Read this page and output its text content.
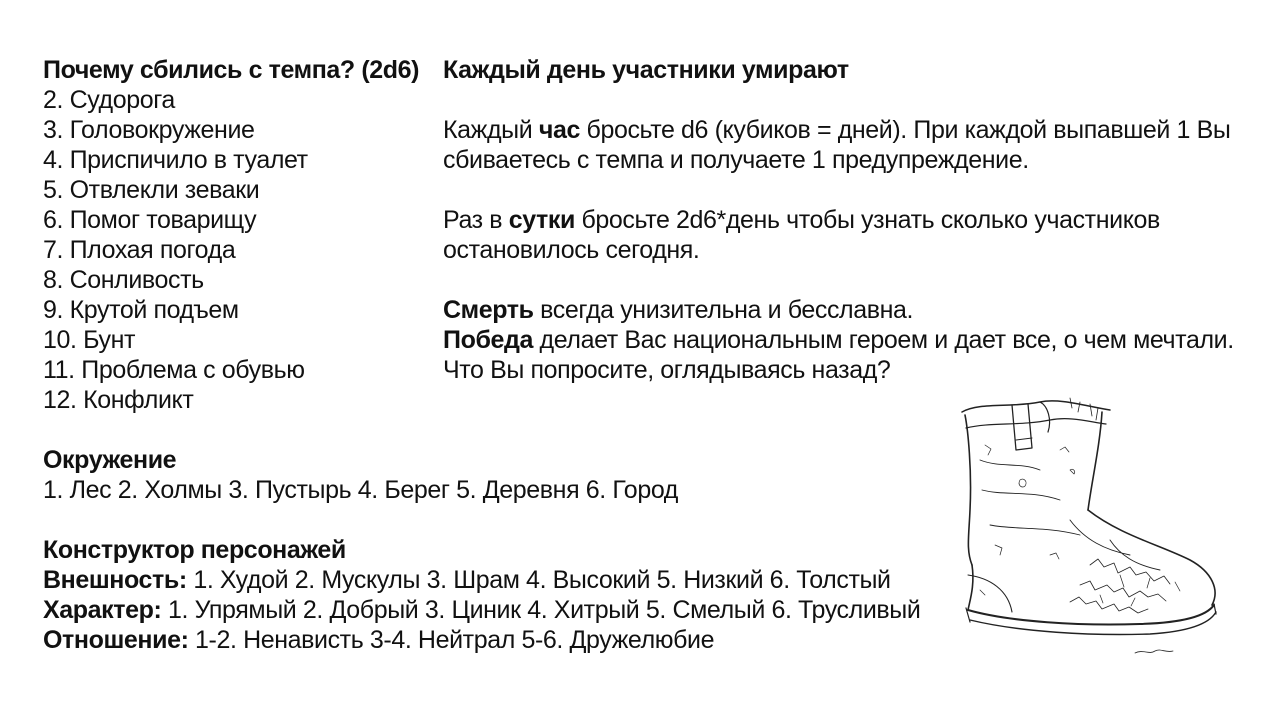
Почему сбились с темпа? (2d6)
2. Судорога
3. Головокружение
4. Приспичило в туалет
5. Отвлекли зеваки
6. Помог товарищу
7. Плохая погода
8. Сонливость
9. Крутой подъем
10. Бунт
11. Проблема с обувью
12. Конфликт
Каждый день участники умирают
Каждый час бросьте d6 (кубиков = дней). При каждой выпавшей 1 Вы
сбиваетесь с темпа и получаете 1 предупреждение.
Раз в сутки бросьте 2d6*день чтобы узнать сколько участников
остановилось сегодня.
Смерть всегда унизительна и бесславна.
Победа делает Вас национальным героем и дает все, о чем мечтали.
Что Вы попросите, оглядываясь назад?
Окружение
1. Лес 2. Холмы 3. Пустырь 4. Берег 5. Деревня 6. Город
Конструктор персонажей
Внешность: 1. Худой 2. Мускулы 3. Шрам 4. Высокий 5. Низкий 6. Толстый
Характер: 1. Упрямый 2. Добрый 3. Циник 4. Хитрый 5. Смелый 6. Трусливый
Отношение: 1-2. Ненависть 3-4. Нейтрал 5-6. Дружелюбие
